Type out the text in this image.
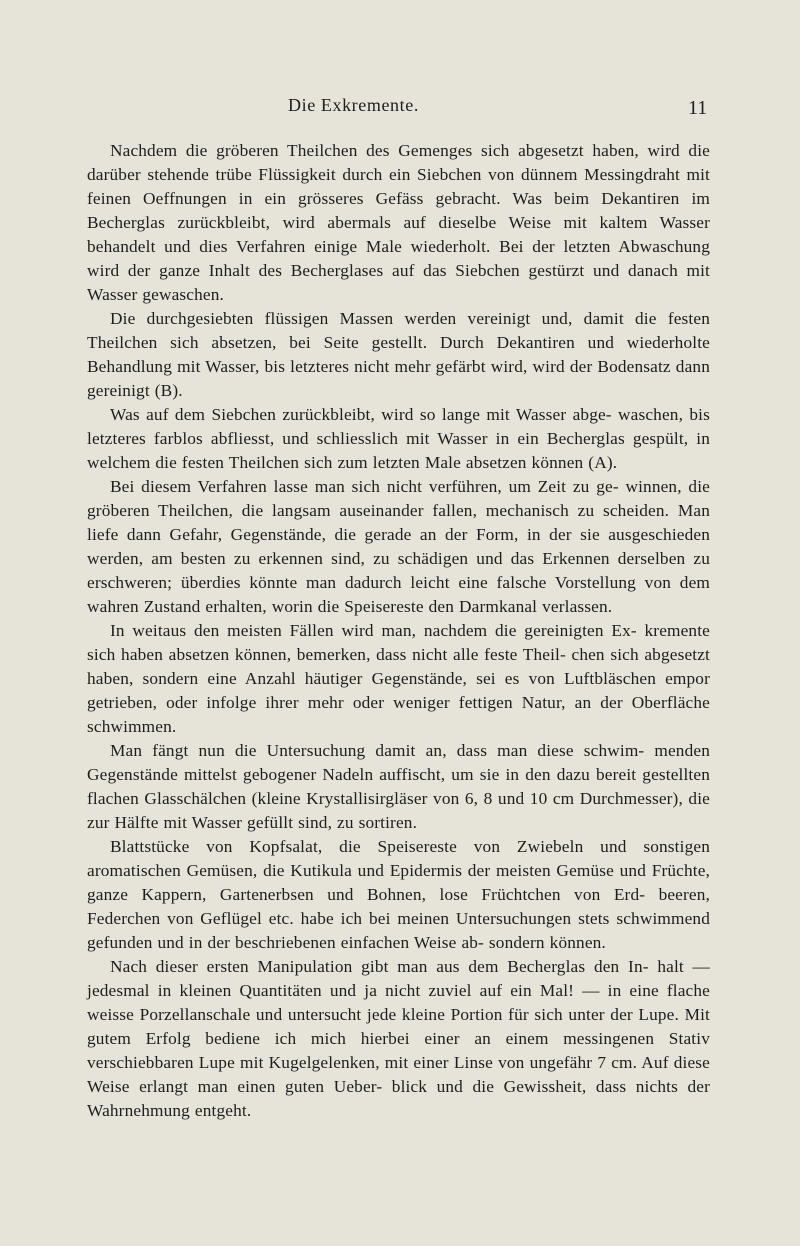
Die Exkremente.	11

Nachdem die gröberen Theilchen des Gemenges sich abgesetzt haben, wird die darüber stehende trübe Flüssigkeit durch ein Siebchen von dünnem Messingdraht mit feinen Oeffnungen in ein grösseres Gefäss gebracht. Was beim Dekantiren im Becherglas zurückbleibt, wird abermals auf dieselbe Weise mit kaltem Wasser behandelt und dies Verfahren einige Male wiederholt. Bei der letzten Abwaschung wird der ganze Inhalt des Becherglases auf das Siebchen gestürzt und danach mit Wasser gewaschen.

Die durchgesiebten flüssigen Massen werden vereinigt und, damit die festen Theilchen sich absetzen, bei Seite gestellt. Durch Dekantiren und wiederholte Behandlung mit Wasser, bis letzteres nicht mehr gefärbt wird, wird der Bodensatz dann gereinigt (B).

Was auf dem Siebchen zurückbleibt, wird so lange mit Wasser abge- waschen, bis letzteres farblos abfliesst, und schliesslich mit Wasser in ein Becherglas gespült, in welchem die festen Theilchen sich zum letzten Male absetzen können (A).

Bei diesem Verfahren lasse man sich nicht verführen, um Zeit zu ge- winnen, die gröberen Theilchen, die langsam auseinander fallen, mechanisch zu scheiden. Man liefe dann Gefahr, Gegenstände, die gerade an der Form, in der sie ausgeschieden werden, am besten zu erkennen sind, zu schädigen und das Erkennen derselben zu erschweren; überdies könnte man dadurch leicht eine falsche Vorstellung von dem wahren Zustand erhalten, worin die Speisereste den Darmkanal verlassen.

In weitaus den meisten Fällen wird man, nachdem die gereinigten Ex- kremente sich haben absetzen können, bemerken, dass nicht alle feste Theil- chen sich abgesetzt haben, sondern eine Anzahl häutiger Gegenstände, sei es von Luftbläschen empor getrieben, oder infolge ihrer mehr oder weniger fettigen Natur, an der Oberfläche schwimmen.

Man fängt nun die Untersuchung damit an, dass man diese schwim- menden Gegenstände mittelst gebogener Nadeln auffischt, um sie in den dazu bereit gestellten flachen Glasschälchen (kleine Krystallisirgläser von 6, 8 und 10 cm Durchmesser), die zur Hälfte mit Wasser gefüllt sind, zu sortiren.

Blattstücke von Kopfsalat, die Speisereste von Zwiebeln und sonstigen aromatischen Gemüsen, die Kutikula und Epidermis der meisten Gemüse und Früchte, ganze Kappern, Gartenerbsen und Bohnen, lose Früchtchen von Erd- beeren, Federchen von Geflügel etc. habe ich bei meinen Untersuchungen stets schwimmend gefunden und in der beschriebenen einfachen Weise ab- sondern können.

Nach dieser ersten Manipulation gibt man aus dem Becherglas den In- halt — jedesmal in kleinen Quantitäten und ja nicht zuviel auf ein Mal! — in eine flache weisse Porzellanschale und untersucht jede kleine Portion für sich unter der Lupe. Mit gutem Erfolg bediene ich mich hierbei einer an einem messingenen Stativ verschiebbaren Lupe mit Kugelgelenken, mit einer Linse von ungefähr 7 cm. Auf diese Weise erlangt man einen guten Ueber- blick und die Gewissheit, dass nichts der Wahrnehmung entgeht.
